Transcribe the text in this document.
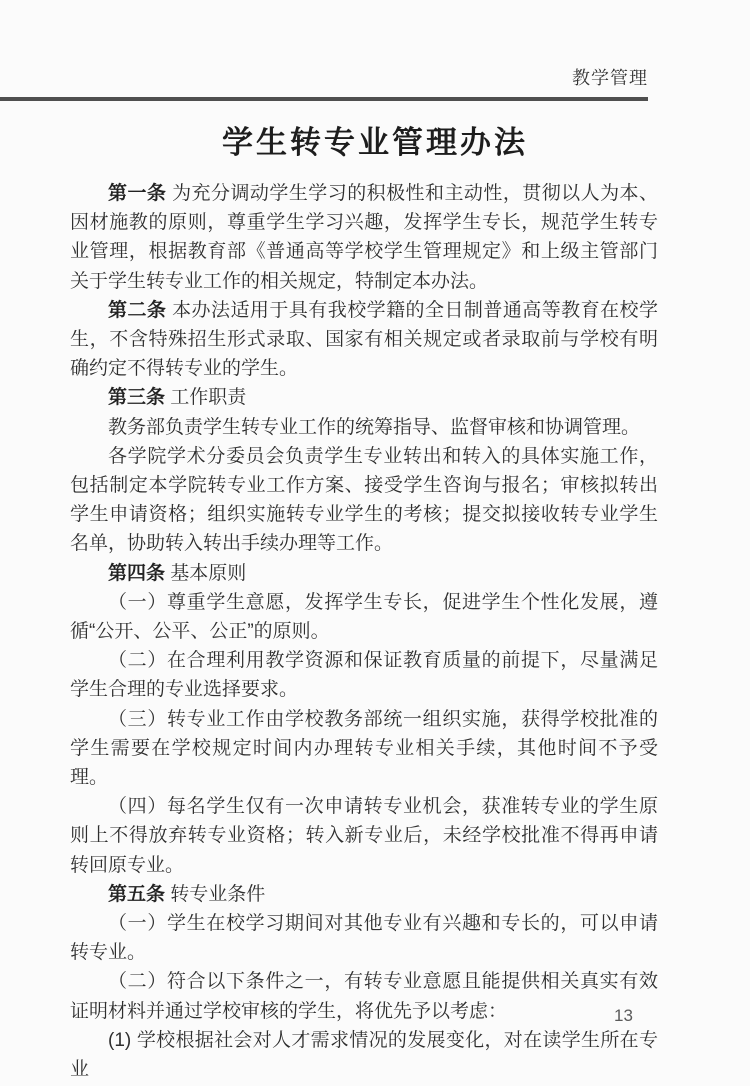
教学管理
学生转专业管理办法

第一条 为充分调动学生学习的积极性和主动性，贯彻以人为本、因材施教的原则，尊重学生学习兴趣，发挥学生专长，规范学生转专业管理，根据教育部《普通高等学校学生管理规定》和上级主管部门关于学生转专业工作的相关规定，特制定本办法。

第二条 本办法适用于具有我校学籍的全日制普通高等教育在校学生，不含特殊招生形式录取、国家有相关规定或者录取前与学校有明确约定不得转专业的学生。

第三条 工作职责

教务部负责学生转专业工作的统筹指导、监督审核和协调管理。

各学院学术分委员会负责学生专业转出和转入的具体实施工作，包括制定本学院转专业工作方案、接受学生咨询与报名；审核拟转出学生申请资格；组织实施转专业学生的考核；提交拟接收转专业学生名单，协助转入转出手续办理等工作。

第四条 基本原则

（一）尊重学生意愿，发挥学生专长，促进学生个性化发展，遵循“公开、公平、公正”的原则。

（二）在合理利用教学资源和保证教育质量的前提下，尽量满足学生合理的专业选择要求。

（三）转专业工作由学校教务部统一组织实施，获得学校批准的学生需要在学校规定时间内办理转专业相关手续，其他时间不予受理。

（四）每名学生仅有一次申请转专业机会，获准转专业的学生原则上不得放弃转专业资格；转入新专业后，未经学校批准不得再申请转回原专业。

第五条 转专业条件

（一）学生在校学习期间对其他专业有兴趣和专长的，可以申请转专业。

（二）符合以下条件之一，有转专业意愿且能提供相关真实有效证明材料并通过学校审核的学生，将优先予以考虑：

(1) 学校根据社会对人才需求情况的发展变化，对在读学生所在专业

13
